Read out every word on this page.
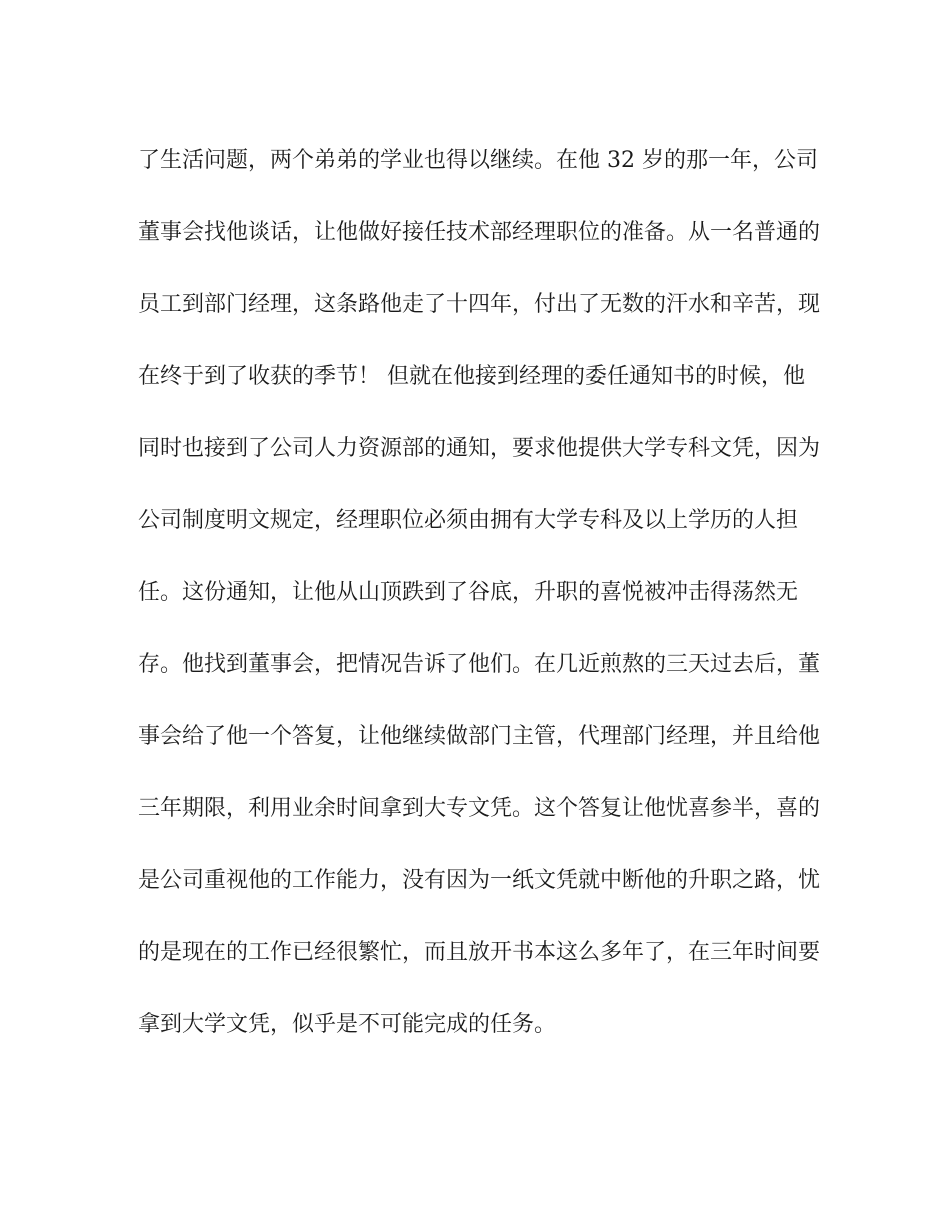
了生活问题，两个弟弟的学业也得以继续。在他 32 岁的那一年，公司
董事会找他谈话，让他做好接任技术部经理职位的准备。从一名普通的
员工到部门经理，这条路他走了十四年，付出了无数的汗水和辛苦，现
在终于到了收获的季节！ 但就在他接到经理的委任通知书的时候，他
同时也接到了公司人力资源部的通知，要求他提供大学专科文凭，因为
公司制度明文规定，经理职位必须由拥有大学专科及以上学历的人担
任。这份通知，让他从山顶跌到了谷底，升职的喜悦被冲击得荡然无
存。他找到董事会，把情况告诉了他们。在几近煎熬的三天过去后，董
事会给了他一个答复，让他继续做部门主管，代理部门经理，并且给他
三年期限，利用业余时间拿到大专文凭。这个答复让他忧喜参半，喜的
是公司重视他的工作能力，没有因为一纸文凭就中断他的升职之路，忧
的是现在的工作已经很繁忙，而且放开书本这么多年了，在三年时间要
拿到大学文凭，似乎是不可能完成的任务。
